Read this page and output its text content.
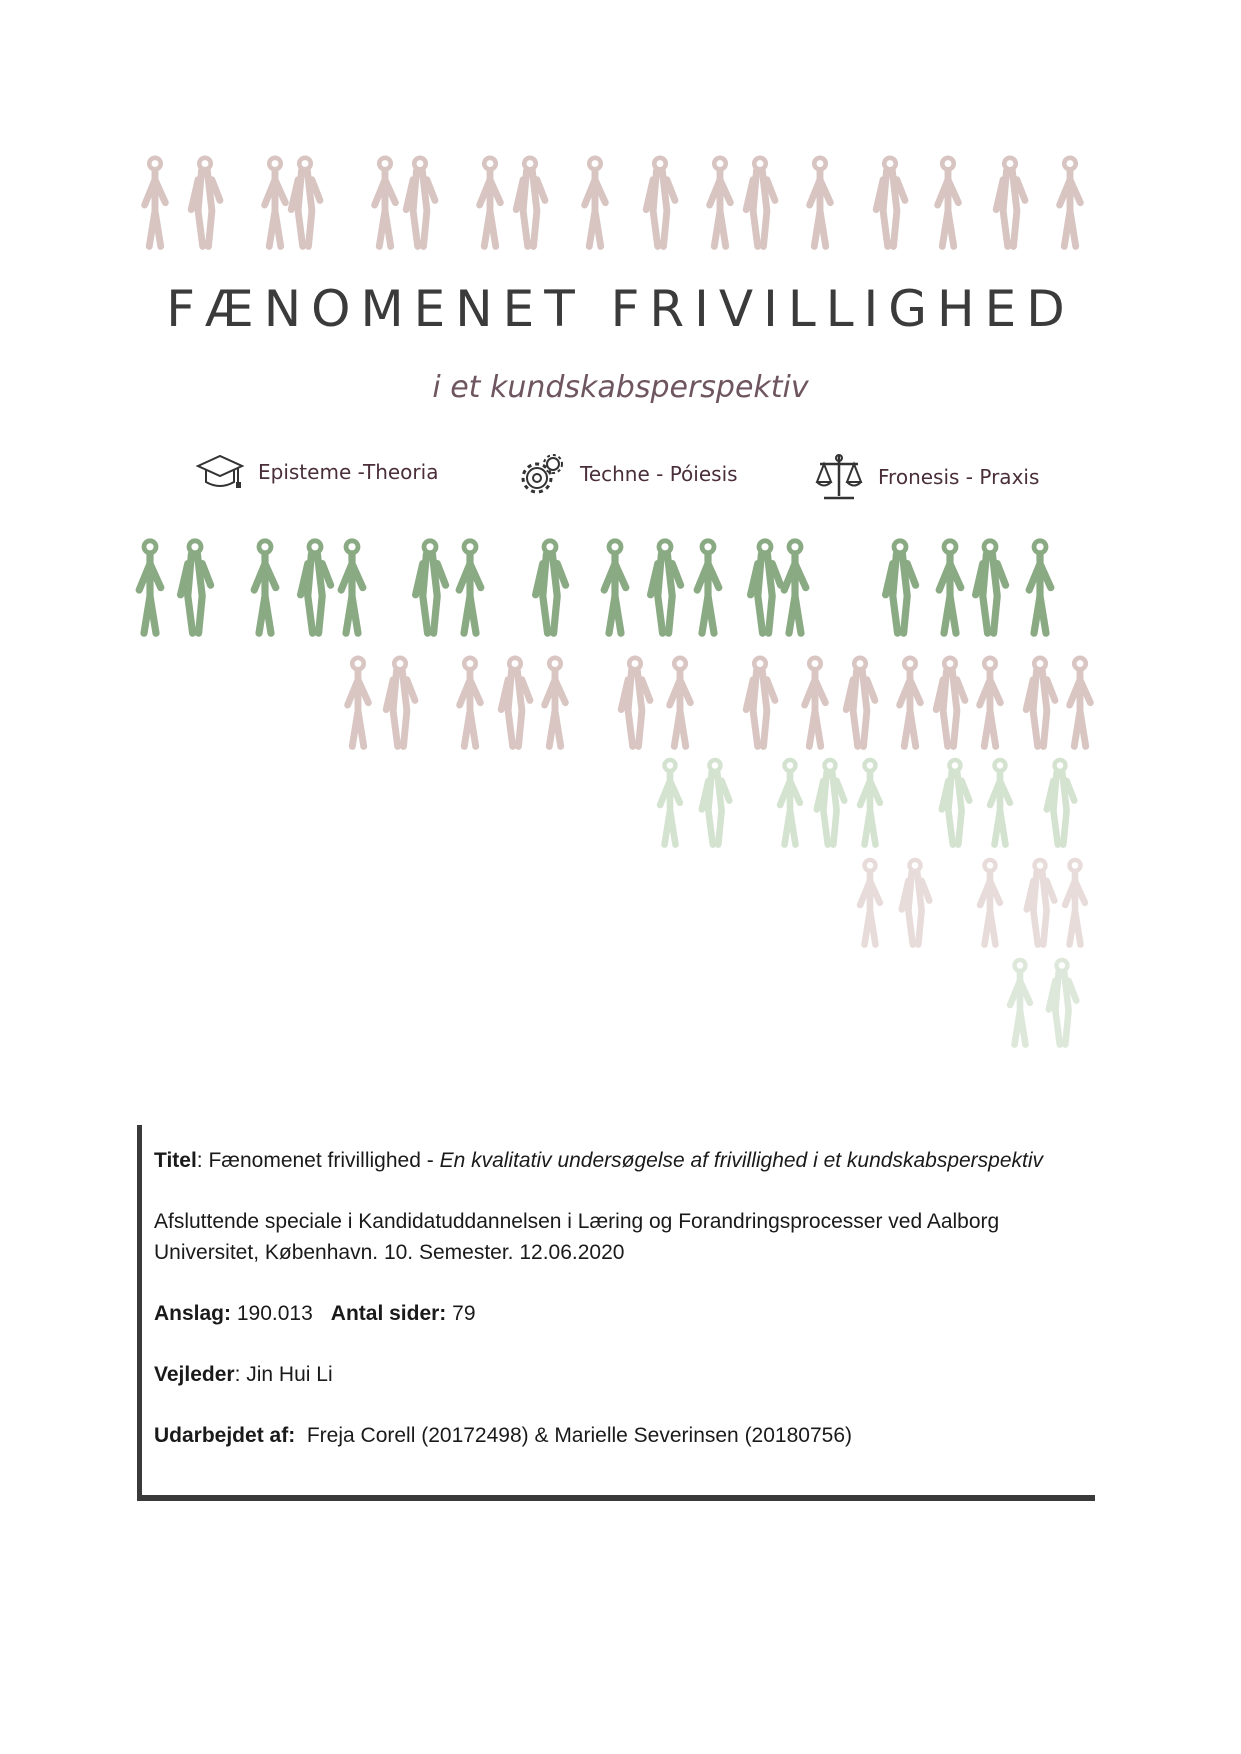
FÆNOMENET FRIVILLIGHED
i et kundskabsperspektiv
Episteme -Theoria	Techne - Póiesis	Fronesis - Praxis

Titel: Fænomenet frivillighed - En kvalitativ undersøgelse af frivillighed i et kundskabsperspektiv

Afsluttende speciale i Kandidatuddannelsen i Læring og Forandringsprocesser ved Aalborg Universitet, København. 10. Semester. 12.06.2020

Anslag: 190.013 Antal sider: 79

Vejleder: Jin Hui Li

Udarbejdet af: Freja Corell (20172498) & Marielle Severinsen (20180756)
